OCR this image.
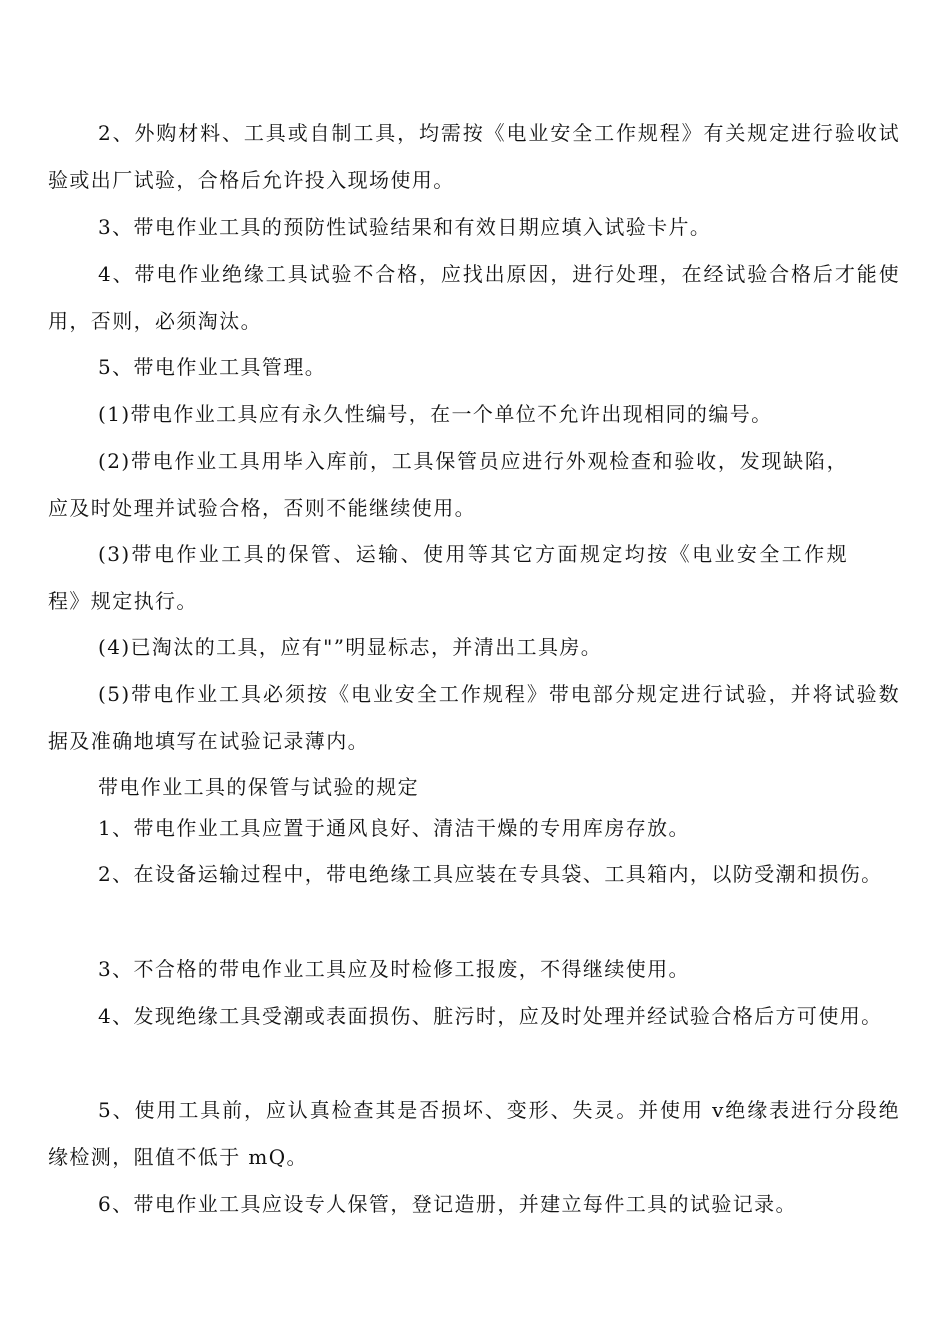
2、外购材料、工具或自制工具，均需按《电业安全工作规程》有关规定进行验收试验或出厂试验，合格后允许投入现场使用。

3、带电作业工具的预防性试验结果和有效日期应填入试验卡片。

4、带电作业绝缘工具试验不合格，应找出原因，进行处理，在经试验合格后才能使用，否则，必须淘汰。

5、带电作业工具管理。

(1)带电作业工具应有永久性编号，在一个单位不允许出现相同的编号。

(2)带电作业工具用毕入库前，工具保管员应进行外观检查和验收，发现缺陷，应及时处理并试验合格，否则不能继续使用。

(3)带电作业工具的保管、运输、使用等其它方面规定均按《电业安全工作规程》规定执行。

(4)已淘汰的工具，应有"”明显标志，并清出工具房。

(5)带电作业工具必须按《电业安全工作规程》带电部分规定进行试验，并将试验数据及准确地填写在试验记录薄内。

带电作业工具的保管与试验的规定

1、带电作业工具应置于通风良好、清洁干燥的专用库房存放。

2、在设备运输过程中，带电绝缘工具应装在专具袋、工具箱内，以防受潮和损伤。

3、不合格的带电作业工具应及时检修工报废，不得继续使用。

4、发现绝缘工具受潮或表面损伤、脏污时，应及时处理并经试验合格后方可使用。

5、使用工具前，应认真检查其是否损坏、变形、失灵。并使用 v绝缘表进行分段绝缘检测，阻值不低于 mQ。

6、带电作业工具应设专人保管，登记造册，并建立每件工具的试验记录。
